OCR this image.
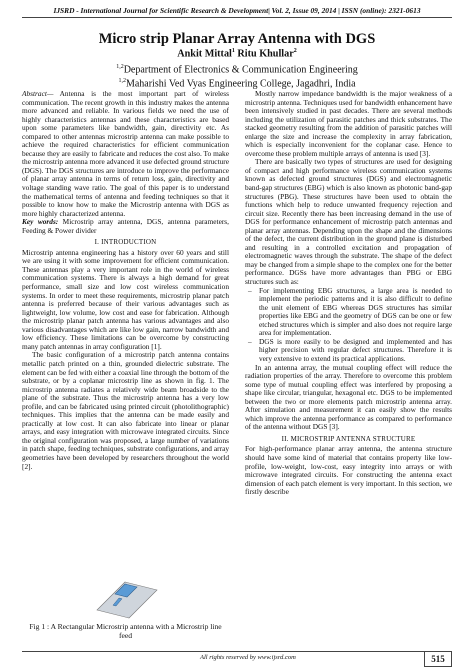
IJSRD - International Journal for Scientific Research & Development| Vol. 2, Issue 09, 2014 | ISSN (online): 2321-0613
Micro strip Planar Array Antenna with DGS
Ankit Mittal$^1$ Ritu Khullar$^2$
$^{1,2}$Department of Electronics & Communication Engineering
$^{1,2}$Maharishi Ved Vyas Engineering College, Jagadhri, India

Abstract— Antenna is the most important part of wireless communication. The recent growth in this industry makes the antenna more advanced and reliable. In various fields we need the use of highly characteristics antennas and these characteristics are based upon some parameters like bandwidth, gain, directivity etc. As compared to other antennas microstrip antenna can make possible to achieve the required characteristics for efficient communication because they are easily to fabricate and reduces the cost also. To make the microstrip antenna more advanced it use defected ground structure (DGS). The DGS structures are introduce to improve the performance of planar array antenna in terms of return loss, gain, directivity and voltage standing wave ratio. The goal of this paper is to understand the mathematical terms of antenna and feeding techniques so that it possible to know how to make the Microstrip antenna with DGS as more highly characterized antenna.

Key words: Microstrip array antenna, DGS, antenna parameters, Feeding & Power divider

I. INTRODUCTION

Microstrip antenna engineering has a history over 60 years and still we are using it with some improvement for efficient communication. These antennas play a very important role in the world of wireless communication systems. There is always a high demand for great performance, small size and low cost wireless communication systems. In order to meet these requirements, microstrip planar patch antenna is preferred because of their various advantages such as lightweight, low volume, low cost and ease for fabrication. Although the microstrip planar patch antenna has various advantages and also various disadvantages which are like low gain, narrow bandwidth and low efficiency. These limitations can be overcome by constructing many patch antennas in array configuration [1].

The basic configuration of a microstrip patch antenna contains metallic patch printed on a thin, grounded dielectric substrate. The element can be fed with either a coaxial line through the bottom of the substrate, or by a coplanar microstrip line as shown in fig. 1. The microstrip antenna radiates a relatively wide beam broadside to the plane of the substrate. Thus the microstrip antenna has a very low profile, and can be fabricated using printed circuit (photolithographic) techniques. This implies that the antenna can be made easily and practically at low cost. It can also fabricate into linear or planar arrays, and easy integration with microwave integrated circuits. Since the original configuration was proposed, a large number of variations in patch shape, feeding techniques, substrate configurations, and array geometries have been developed by researchers throughout the world [2].

Fig 1 : A Rectangular Microstrip antenna with a Microstrip line feed

Mostly narrow impedance bandwidth is the major weakness of a microstrip antenna. Techniques used for bandwidth enhancement have been intensively studied in past decades. There are several methods including the utilization of parasitic patches and thick substrates. The stacked geometry resulting from the addition of parasitic patches will enlarge the size and increase the complexity in array fabrication, which is especially inconvenient for the coplanar case. Hence to overcome these problem multiple arrays of antenna is used [3].

There are basically two types of structures are used for designing of compact and high performance wireless communication systems known as defected ground structures (DGS) and electromagnetic band-gap structures (EBG) which is also known as photonic band-gap structures (PBG). These structures have been used to obtain the functions which help to reduce unwanted frequency rejection and circuit size. Recently there has been increasing demand in the use of DGS for performance enhancement of microstrip patch antennas and planar array antennas. Depending upon the shape and the dimensions of the defect, the current distribution in the ground plane is disturbed and resulting in a controlled excitation and propagation of electromagnetic waves through the substrate. The shape of the defect may be changed from a simple shape to the complex one for the better performance. DGSs have more advantages than PBG or EBG structures such as:

– For implementing EBG structures, a large area is needed to implement the periodic patterns and it is also difficult to define the unit element of EBG whereas DGS structures has similar properties like EBG and the geometry of DGS can be one or few etched structures which is simpler and also does not require large area for implementation.
– DGS is more easily to be designed and implemented and has higher precision with regular defect structures. Therefore it is very extensive to extend its practical applications.

In an antenna array, the mutual coupling effect will reduce the radiation properties of the array. Therefore to overcome this problem some type of mutual coupling effect was interfered by proposing a shape like circular, triangular, hexagonal etc. DGS to be implemented between the two or more elements patch microstrip antenna array. After simulation and measurement it can easily show the results which improve the antenna performance as compared to performance of the antenna without DGS [3].

II. MICROSTRIP ANTENNA STRUCTURE

For high-performance planar array antenna, the antenna structure should have some kind of material that contains property like low-profile, low-weight, low-cost, easy integrity into arrays or with microwave integrated circuits. For constructing the antenna exact dimension of each patch element is very important. In this section, we firstly describe

All rights reserved by www.ijsrd.com	515
